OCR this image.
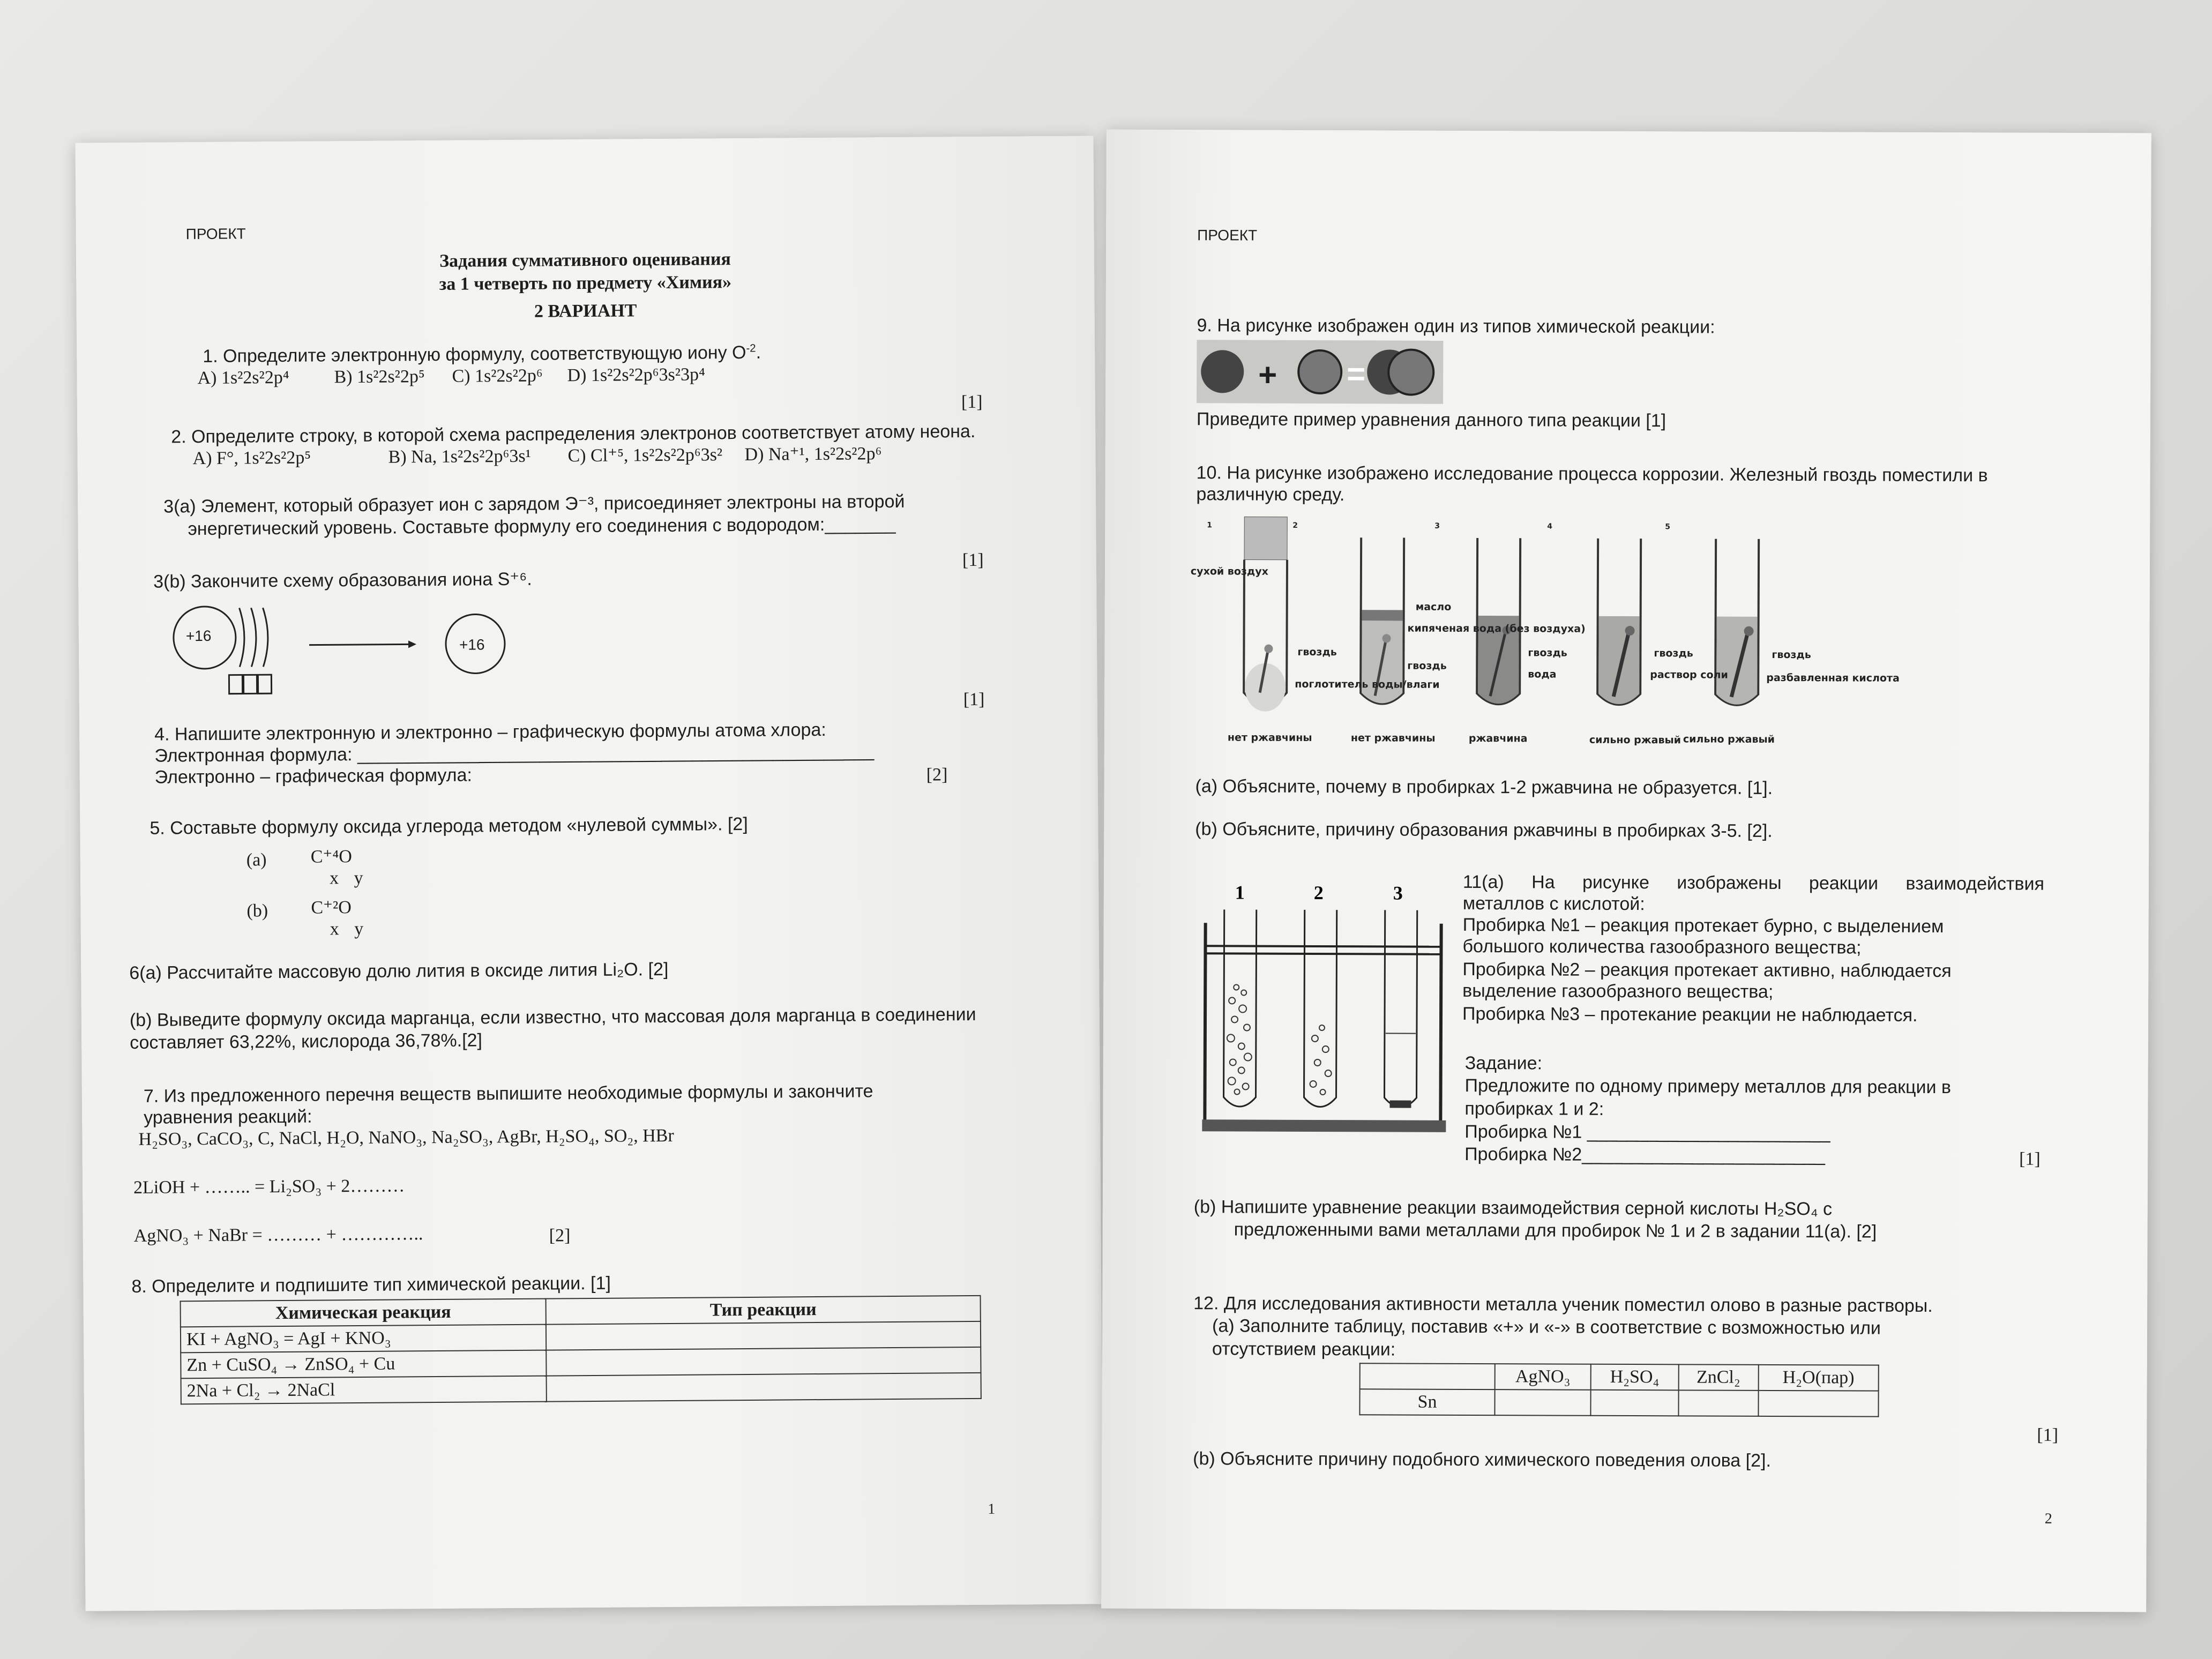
ПРОЕКТ
Задания суммативного оценивания
за 1 четверть по предмету «Химия»
2 ВАРИАНТ
1. Определите электронную формулу, соответствующую иону $O^{-2}$.
A) 1s²2s²2p⁴ B) 1s²2s²2p⁵ C) 1s²2s²2p⁶ D) 1s²2s²2p⁶3s²3p⁴
[1]
2. Определите строку, в которой схема распределения электронов соответствует атому неона.
A) F°, 1s²2s²2p⁵	B) Na, 1s²2s²2p⁶3s¹ C) Cl⁺⁵, 1s²2s²2p⁶3s² D) Na⁺¹, 1s²2s²2p⁶
3(a) Элемент, который образует ион с зарядом Э⁻³, присоединяет электроны на второй
энергетический уровень. Составьте формулу его соединения с водородом:_______
[1]
3(b) Закончите схему образования иона S⁺⁶.
+16
+16
[1]
4. Напишите электронную и электронно – графическую формулы атома хлора:
Электронная формула: ___________________________________________________
Электронно – графическая формула:	[2]
5. Составьте формулу оксида углерода методом «нулевой суммы». [2]
(a) C⁺⁴O
x y
(b) C⁺²O
x y
6(a) Рассчитайте массовую долю лития в оксиде лития Li₂O. [2]
(b) Выведите формулу оксида марганца, если известно, что массовая доля марганца в соединении
составляет 63,22%, кислорода 36,78%.[2]
7. Из предложенного перечня веществ выпишите необходимые формулы и закончите
уравнения реакций:
H₂SO₃, CaCO₃, C, NaCl, H₂O, NaNO₃, Na₂SO₃, AgBr, H₂SO₄, SO₂, HBr
2LiOH + …….. = Li₂SO₃ + 2………
AgNO₃ + NaBr = ……… + …………..	[2]
8. Определите и подпишите тип химической реакции. [1]
Химическая реакция	Тип реакции
KI + AgNO₃ = AgI + KNO₃	
Zn + CuSO₄ → ZnSO₄ + Cu	
2Na + Cl₂ → 2NaCl	
1
ПРОЕКТ
9. На рисунке изображен один из типов химической реакции:
+ =
Приведите пример уравнения данного типа реакции [1]
10. На рисунке изображено исследование процесса коррозии. Железный гвоздь поместили в
различную среду.
1	2	3	4	5
сухой воздух
гвоздь
поглотитель воды/влаги
масло
кипяченая вода (без воздуха)
гвоздь
гвоздь
вода
гвоздь
раствор соли
гвоздь
разбавленная кислота
нет ржавчины	нет ржавчины	ржавчина	сильно ржавый сильно ржавый
(a) Объясните, почему в пробирках 1-2 ржавчина не образуется. [1].
(b) Объясните, причину образования ржавчины в пробирках 3-5. [2].
1	2	3	11(a) На рисунке изображены реакции взаимодействия
металлов с кислотой:
Пробирка №1 – реакция протекает бурно, с выделением
большого количества газообразного вещества;
Пробирка №2 – реакция протекает активно, наблюдается
выделение газообразного вещества;
Пробирка №3 – протекание реакции не наблюдается.
Задание:
Предложите по одному примеру металлов для реакции в
пробирках 1 и 2:
Пробирка №1 ________________________
Пробирка №2________________________	[1]
(b) Напишите уравнение реакции взаимодействия серной кислоты H₂SO₄ с
предложенными вами металлами для пробирок № 1 и 2 в задании 11(a). [2]
12. Для исследования активности металла ученик поместил олово в разные растворы.
(a) Заполните таблицу, поставив «+» и «-» в соответствие с возможностью или
отсутствием реакции:
	AgNO₃	H₂SO₄	ZnCl₂	H₂O(пар)
Sn				
[1]
(b) Объясните причину подобного химического поведения олова [2].
2
